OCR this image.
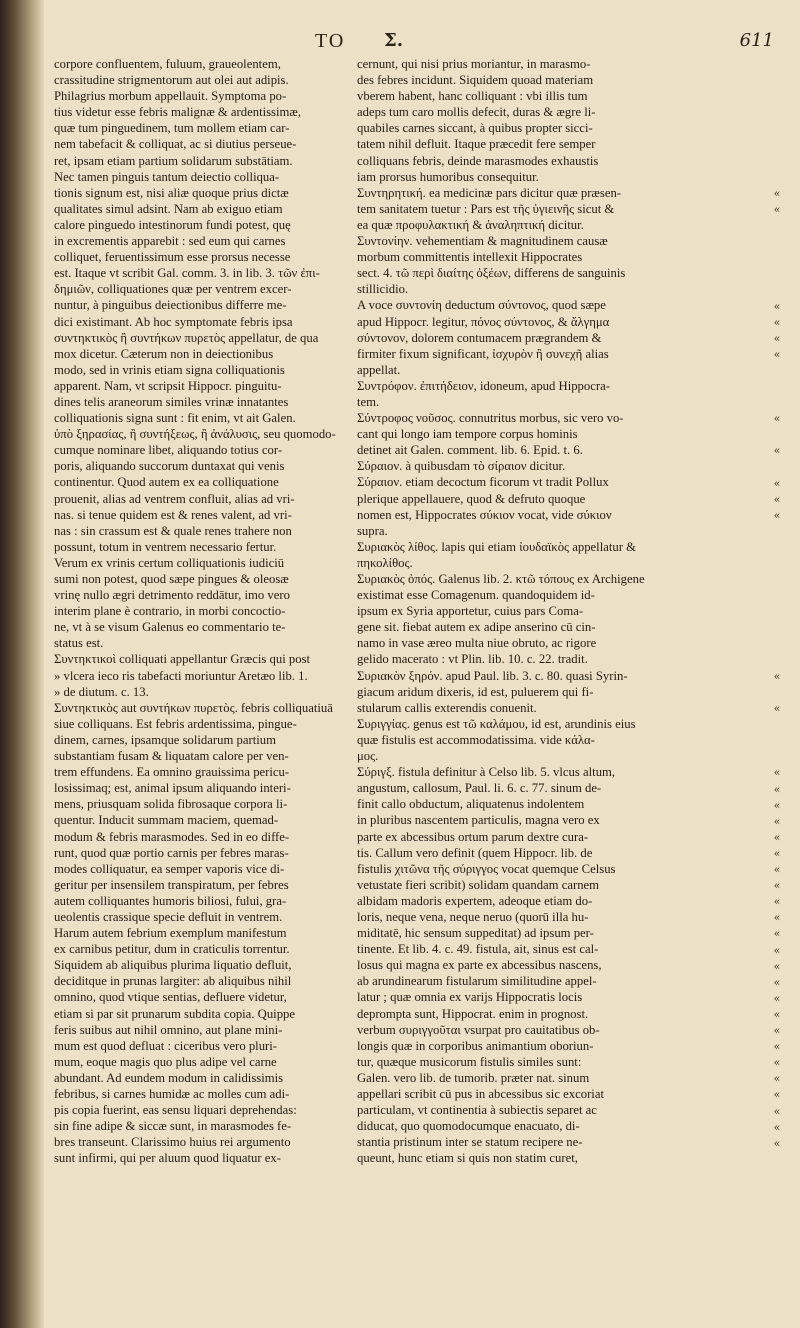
TO Σ.	611
corpore confluentem, fuluum, graueolentem,
crassitudine strigmentorum aut olei aut adipis.
Philagrius morbum appellauit. Symptoma po-
tius videtur esse febris malignæ & ardentissimæ,
quæ tum pinguedinem, tum mollem etiam car-
nem tabefacit & colliquat, ac si diutius perseue-
ret, ipsam etiam partium solidarum substātiam.
Nec tamen pinguis tantum deiectio colliqua-
tionis signum est, nisi aliæ quoque prius dictæ
qualitates simul adsint. Nam ab exiguo etiam
calore pinguedo intestinorum fundi potest, quę
in excrementis apparebit : sed eum qui carnes
colliquet, feruentissimum esse prorsus necesse
est. Itaque vt scribit Gal. comm. 3. in lib. 3. τῶν ἐπι-
δημιῶν, colliquationes quæ per ventrem excer-
nuntur, à pinguibus deiectionibus differre me-
dici existimant. Ab hoc symptomate febris ipsa
συντηκτικὸς ἢ συντήκων πυρετὸς appellatur, de qua
mox dicetur. Cæterum non in deiectionibus
modo, sed in vrinis etiam signa colliquationis
apparent. Nam, vt scripsit Hippocr. pinguitu-
dines telis araneorum similes vrinæ innatantes
colliquationis signa sunt : fit enim, vt ait Galen.
ὑπὸ ξηρασίας, ἢ συντήξεως, ἢ ἀνάλυσις, seu quomodo-
cumque nominare libet, aliquando totius cor-
poris, aliquando succorum duntaxat qui venis
continentur. Quod autem ex ea colliquatione
prouenit, alias ad ventrem confluit, alias ad vri-
nas. si tenue quidem est & renes valent, ad vri-
nas : sin crassum est & quale renes trahere non
possunt, totum in ventrem necessario fertur.
Verum ex vrinis certum colliquationis iudiciū
sumi non potest, quod sæpe pingues & oleosæ
vrinę nullo ægri detrimento reddātur, imo vero
interim plane è contrario, in morbi concoctio-
ne, vt à se visum Galenus eo commentario te-
status est.
Συντηκτικοὶ colliquati appellantur Græcis qui post
» vlcera ieco ris tabefacti moriuntur Aretæo lib. 1.
» de diutum. c. 13.
Συντηκτικὸς aut συντήκων πυρετὸς. febris colliquatiuā
siue colliquans. Est febris ardentissima, pingue-
dinem, carnes, ipsamque solidarum partium
substantiam fusam & liquatam calore per ven-
trem effundens. Ea omnino grauissima pericu-
losissimaq; est, animal ipsum aliquando interi-
mens, priusquam solida fibrosaque corpora li-
quentur. Inducit summam maciem, quemad-
modum & febris marasmodes. Sed in eo diffe-
runt, quod quæ portio carnis per febres maras-
modes colliquatur, ea semper vaporis vice di-
geritur per insensilem transpiratum, per febres
autem colliquantes humoris biliosi, fului, gra-
ueolentis crassique specie defluit in ventrem.
Harum autem febrium exemplum manifestum
ex carnibus petitur, dum in craticulis torrentur.
Siquidem ab aliquibus plurima liquatio defluit,
deciditque in prunas largiter: ab aliquibus nihil
omnino, quod vtique sentias, defluere videtur,
etiam si par sit prunarum subdita copia. Quippe
feris suibus aut nihil omnino, aut plane mini-
mum est quod defluat : ciceribus vero pluri-
mum, eoque magis quo plus adipe vel carne
abundant. Ad eundem modum in calidissimis
febribus, si carnes humidæ ac molles cum adi-
pis copia fuerint, eas sensu liquari deprehendas:
sin fine adipe & siccæ sunt, in marasmodes fe-
bres transeunt. Clarissimo huius rei argumento
sunt infirmi, qui per aluum quod liquatur ex-
cernunt, qui nisi prius moriantur, in marasmo-
des febres incidunt. Siquidem quoad materiam
vberem habent, hanc colliquant : vbi illis tum
adeps tum caro mollis defecit, duras & ægre li-
quabiles carnes siccant, à quibus propter sicci-
tatem nihil defluit. Itaque præcedit fere semper
colliquans febris, deinde marasmodes exhaustis
iam prorsus humoribus consequitur.
Συντηρητική. ea medicinæ pars dicitur quæ præsen-
tem sanitatem tuetur : Pars est τῆς ὑγιεινῆς sicut &
ea quæ προφυλακτική & ἀναληπτική dicitur.
Συντονίην. vehementiam & magnitudinem causæ
morbum committentis intellexit Hippocrates
sect. 4. τῶ περὶ διαίτης ὀξέων, differens de sanguinis
stillicidio.
A voce συντονίη deductum σύντονος, quod sæpe
apud Hippocr. legitur, πόνος σύντονος, & ἄλγημα
σύντονον, dolorem contumacem prægrandem &
firmiter fixum significant, ἰσχυρὸν ἢ συνεχῆ alias
appellat.
Συντρόφον. ἐπιτήδειον, idoneum, apud Hippocra-
tem.
Σύντροφος νοῦσος. connutritus morbus, sic vero vo-
cant qui longo iam tempore corpus hominis
detinet ait Galen. comment. lib. 6. Epid. t. 6.
Σύραιον. à quibusdam τὸ σίραιον dicitur.
Σύραιον. etiam decoctum ficorum vt tradit Pollux
plerique appellauere, quod & defruto quoque
nomen est, Hippocrates σύκιον vocat, vide σύκιον
supra.
Συριακὸς λίθος. lapis qui etiam ἰουδαϊκὸς appellatur &
πηκολίθος.
Συριακὸς ὀπός. Galenus lib. 2. κτῶ τόπους ex Archigene
existimat esse Comagenum. quandoquidem id-
ipsum ex Syria apportetur, cuius pars Coma-
gene sit. fiebat autem ex adipe anserino cū cin-
namo in vase æreo multa niue obruto, ac rigore
gelido macerato : vt Plin. lib. 10. c. 22. tradit.
Συριακὸν ξηρόν. apud Paul. lib. 3. c. 80. quasi Syrin-
giacum aridum dixeris, id est, puluerem qui fi-
stularum callis exterendis conuenit.
Συριγγίας. genus est τῶ καλάμου, id est, arundinis eius
quæ fistulis est accommodatissima. vide κάλα-
μος.
Σύριγξ. fistula definitur à Celso lib. 5. vlcus altum,
angustum, callosum, Paul. li. 6. c. 77. sinum de-
finit callo obductum, aliquatenus indolentem
in pluribus nascentem particulis, magna vero ex
parte ex abcessibus ortum parum dextre cura-
tis. Callum vero definit (quem Hippocr. lib. de
fistulis χιτῶνα τῆς σύριγγος vocat quemque Celsus
vetustate fieri scribit) solidam quandam carnem
albidam madoris expertem, adeoque etiam do-
loris, neque vena, neque neruo (quorū illa hu-
miditatē, hic sensum suppeditat) ad ipsum per-
tinente. Et lib. 4. c. 49. fistula, ait, sinus est cal-
losus qui magna ex parte ex abcessibus nascens,
ab arundinearum fistularum similitudine appel-
latur ; quæ omnia ex varijs Hippocratis locis
deprompta sunt, Hippocrat. enim in prognost.
verbum συριγγοῦται vsurpat pro cauitatibus ob-
longis quæ in corporibus animantium oboriun-
tur, quæque musicorum fistulis similes sunt:
Galen. vero lib. de tumorib. præter nat. sinum
appellari scribit cū pus in abcessibus sic excoriat
particulam, vt continentia à subiectis separet ac
diducat, quo quomodocumque enacuato, di-
stantia pristinum inter se statum recipere ne-
queunt, hunc etiam si quis non statim curet,
«
«
«
«
«
«
«
«
«
«
«
«
«
«
«
«
«
«
«
«
«
«
«
«
«
«
«
«
«
«
«
«
«
«
«
«
«
